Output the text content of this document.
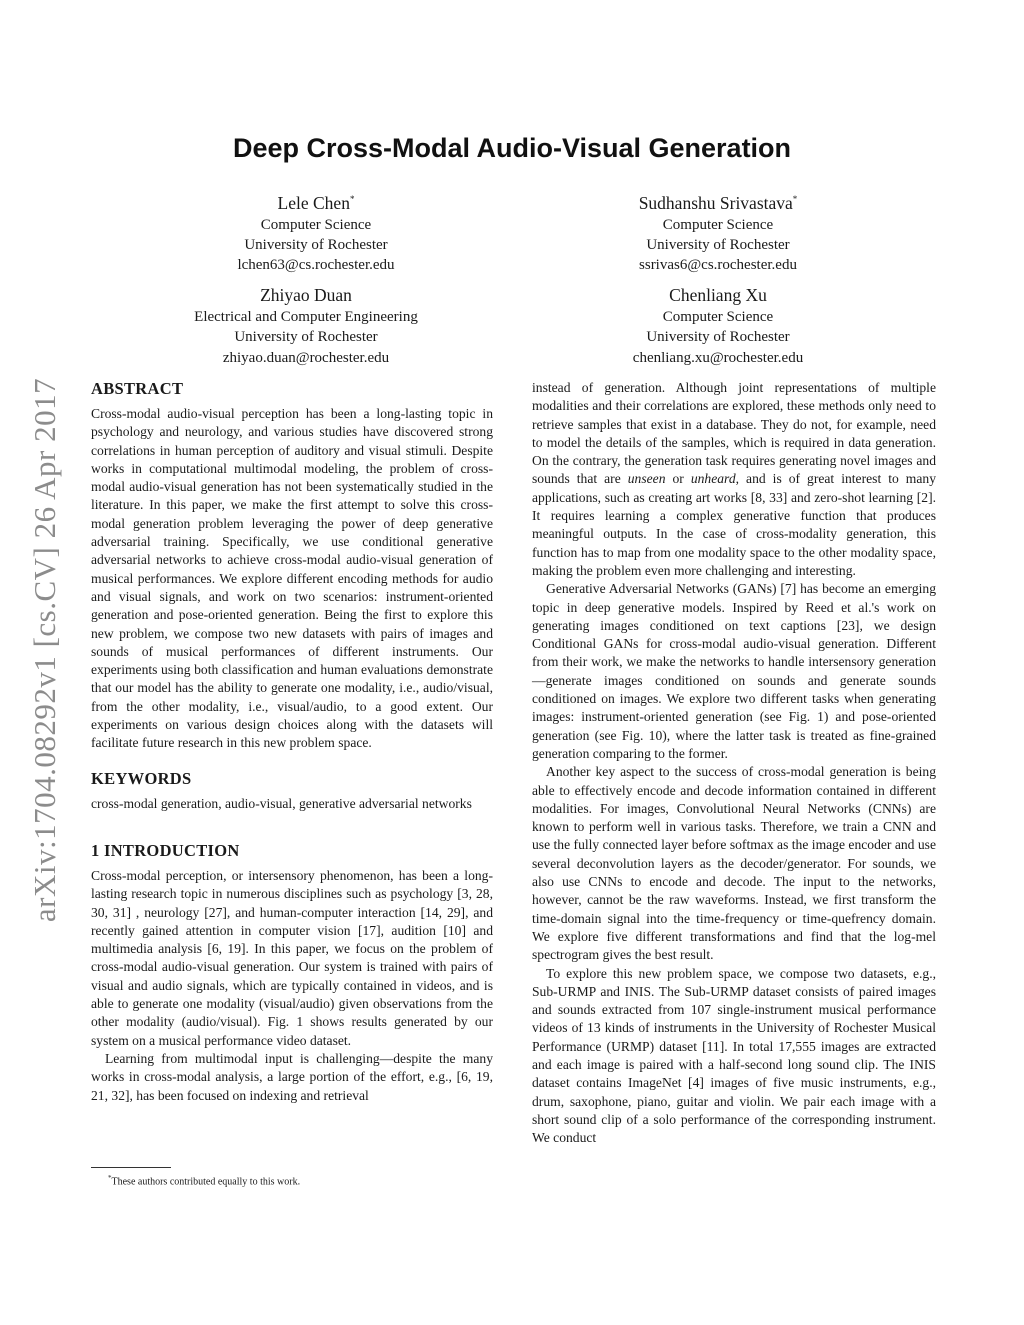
arXiv:1704.08292v1 [cs.CV] 26 Apr 2017
Deep Cross-Modal Audio-Visual Generation
Lele Chen*
Computer Science
University of Rochester
lchen63@cs.rochester.edu
Sudhanshu Srivastava*
Computer Science
University of Rochester
ssrivas6@cs.rochester.edu
Zhiyao Duan
Electrical and Computer Engineering
University of Rochester
zhiyao.duan@rochester.edu
Chenliang Xu
Computer Science
University of Rochester
chenliang.xu@rochester.edu
ABSTRACT

Cross-modal audio-visual perception has been a long-lasting topic in psychology and neurology, and various studies have discovered strong correlations in human perception of auditory and visual stimuli. Despite works in computational multimodal modeling, the problem of cross-modal audio-visual generation has not been systematically studied in the literature. In this paper, we make the first attempt to solve this cross-modal generation problem leveraging the power of deep generative adversarial training. Specifically, we use conditional generative adversarial networks to achieve cross-modal audio-visual generation of musical performances. We explore different encoding methods for audio and visual signals, and work on two scenarios: instrument-oriented generation and pose-oriented generation. Being the first to explore this new problem, we compose two new datasets with pairs of images and sounds of musical performances of different instruments. Our experiments using both classification and human evaluations demonstrate that our model has the ability to generate one modality, i.e., audio/visual, from the other modality, i.e., visual/audio, to a good extent. Our experiments on various design choices along with the datasets will facilitate future research in this new problem space.

KEYWORDS

cross-modal generation, audio-visual, generative adversarial networks

1 INTRODUCTION

Cross-modal perception, or intersensory phenomenon, has been a long-lasting research topic in numerous disciplines such as psychology [3, 28, 30, 31] , neurology [27], and human-computer interaction [14, 29], and recently gained attention in computer vision [17], audition [10] and multimedia analysis [6, 19]. In this paper, we focus on the problem of cross-modal audio-visual generation. Our system is trained with pairs of visual and audio signals, which are typically contained in videos, and is able to generate one modality (visual/audio) given observations from the other modality (audio/visual). Fig. 1 shows results generated by our system on a musical performance video dataset.

Learning from multimodal input is challenging—despite the many works in cross-modal analysis, a large portion of the effort, e.g., [6, 19, 21, 32], has been focused on indexing and retrieval

*These authors contributed equally to this work.

instead of generation. Although joint representations of multiple modalities and their correlations are explored, these methods only need to retrieve samples that exist in a database. They do not, for example, need to model the details of the samples, which is required in data generation. On the contrary, the generation task requires generating novel images and sounds that are unseen or unheard, and is of great interest to many applications, such as creating art works [8, 33] and zero-shot learning [2]. It requires learning a complex generative function that produces meaningful outputs. In the case of cross-modality generation, this function has to map from one modality space to the other modality space, making the problem even more challenging and interesting.

Generative Adversarial Networks (GANs) [7] has become an emerging topic in deep generative models. Inspired by Reed et al.'s work on generating images conditioned on text captions [23], we design Conditional GANs for cross-modal audio-visual generation. Different from their work, we make the networks to handle intersensory generation—generate images conditioned on sounds and generate sounds conditioned on images. We explore two different tasks when generating images: instrument-oriented generation (see Fig. 1) and pose-oriented generation (see Fig. 10), where the latter task is treated as fine-grained generation comparing to the former.

Another key aspect to the success of cross-modal generation is being able to effectively encode and decode information contained in different modalities. For images, Convolutional Neural Networks (CNNs) are known to perform well in various tasks. Therefore, we train a CNN and use the fully connected layer before softmax as the image encoder and use several deconvolution layers as the decoder/generator. For sounds, we also use CNNs to encode and decode. The input to the networks, however, cannot be the raw waveforms. Instead, we first transform the time-domain signal into the time-frequency or time-quefrency domain. We explore five different transformations and find that the log-mel spectrogram gives the best result.

To explore this new problem space, we compose two datasets, e.g., Sub-URMP and INIS. The Sub-URMP dataset consists of paired images and sounds extracted from 107 single-instrument musical performance videos of 13 kinds of instruments in the University of Rochester Musical Performance (URMP) dataset [11]. In total 17,555 images are extracted and each image is paired with a half-second long sound clip. The INIS dataset contains ImageNet [4] images of five music instruments, e.g., drum, saxophone, piano, guitar and violin. We pair each image with a short sound clip of a solo performance of the corresponding instrument. We conduct
